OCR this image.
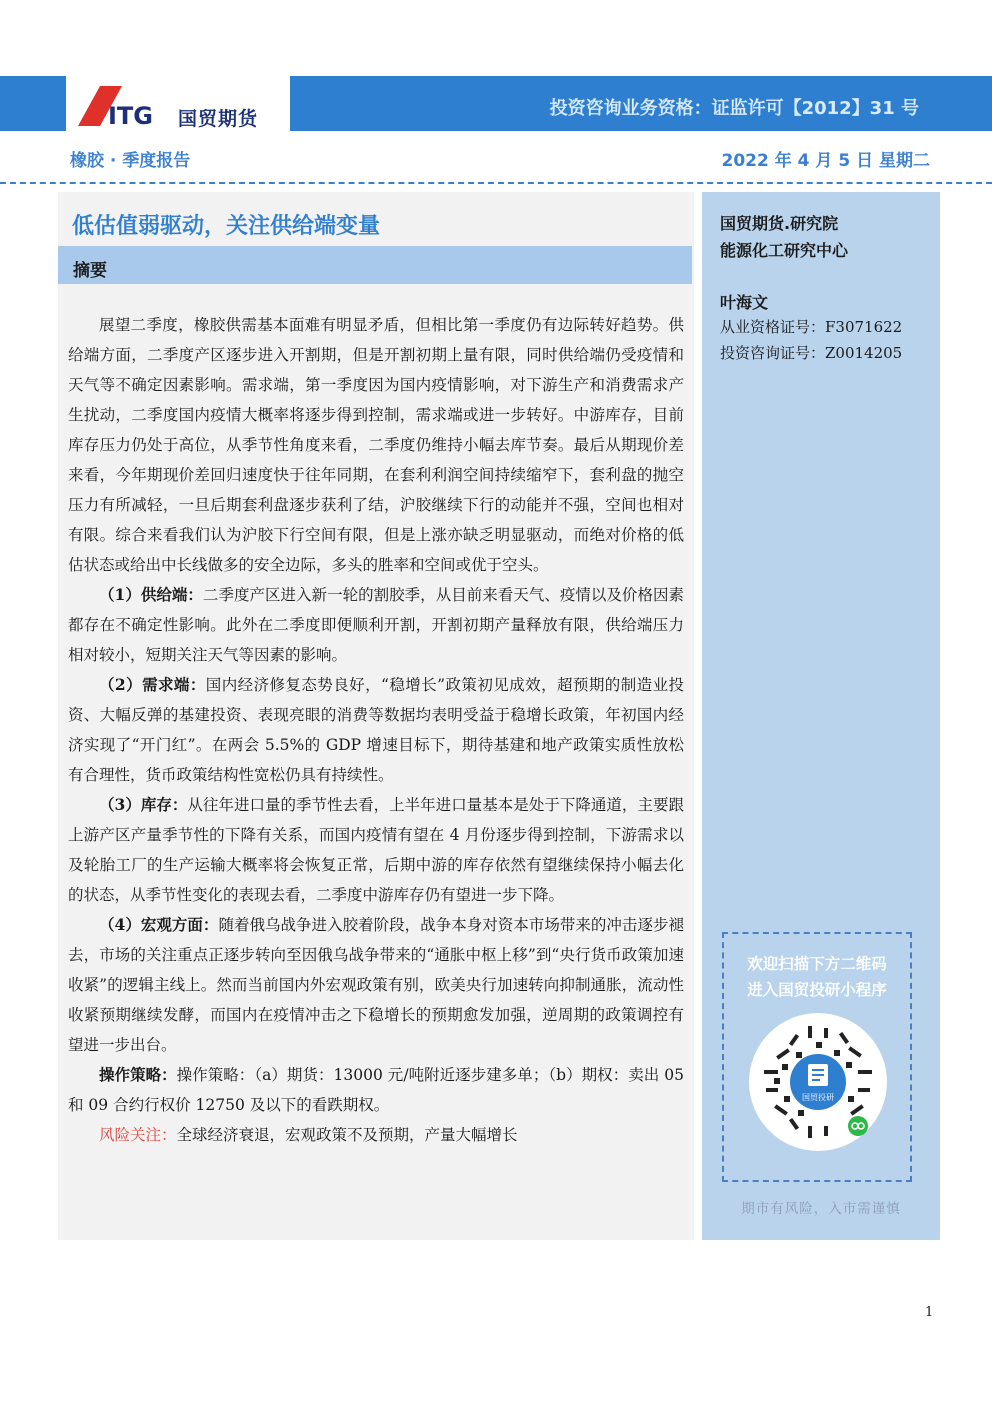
ITG 国贸期货	投资咨询业务资格：证监许可【2012】31 号
橡胶 · 季度报告	2022 年 4 月 5 日 星期二
低估值弱驱动，关注供给端变量
摘要

展望二季度，橡胶供需基本面难有明显矛盾，但相比第一季度仍有边际转好趋势。供给端方面，二季度产区逐步进入开割期，但是开割初期上量有限，同时供给端仍受疫情和天气等不确定因素影响。需求端，第一季度因为国内疫情影响，对下游生产和消费需求产生扰动，二季度国内疫情大概率将逐步得到控制，需求端或进一步转好。中游库存，目前库存压力仍处于高位，从季节性角度来看，二季度仍维持小幅去库节奏。最后从期现价差来看，今年期现价差回归速度快于往年同期，在套利利润空间持续缩窄下，套利盘的抛空压力有所减轻，一旦后期套利盘逐步获利了结，沪胶继续下行的动能并不强，空间也相对有限。综合来看我们认为沪胶下行空间有限，但是上涨亦缺乏明显驱动，而绝对价格的低估状态或给出中长线做多的安全边际，多头的胜率和空间或优于空头。

（1）供给端：二季度产区进入新一轮的割胶季，从目前来看天气、疫情以及价格因素都存在不确定性影响。此外在二季度即便顺利开割，开割初期产量释放有限，供给端压力相对较小，短期关注天气等因素的影响。

（2）需求端：国内经济修复态势良好，“稳增长”政策初见成效，超预期的制造业投资、大幅反弹的基建投资、表现亮眼的消费等数据均表明受益于稳增长政策，年初国内经济实现了“开门红”。在两会 5.5%的 GDP 增速目标下，期待基建和地产政策实质性放松有合理性，货币政策结构性宽松仍具有持续性。

（3）库存：从往年进口量的季节性去看，上半年进口量基本是处于下降通道，主要跟上游产区产量季节性的下降有关系，而国内疫情有望在 4 月份逐步得到控制，下游需求以及轮胎工厂的生产运输大概率将会恢复正常，后期中游的库存依然有望继续保持小幅去化的状态，从季节性变化的表现去看，二季度中游库存仍有望进一步下降。

（4）宏观方面：随着俄乌战争进入胶着阶段，战争本身对资本市场带来的冲击逐步褪去，市场的关注重点正逐步转向至因俄乌战争带来的“通胀中枢上移”到“央行货币政策加速收紧”的逻辑主线上。然而当前国内外宏观政策有别，欧美央行加速转向抑制通胀，流动性收紧预期继续发酵，而国内在疫情冲击之下稳增长的预期愈发加强，逆周期的政策调控有望进一步出台。

操作策略：操作策略：（a）期货：13000 元/吨附近逐步建多单；（b）期权：卖出 05 和 09 合约行权价 12750 及以下的看跌期权。

风险关注：全球经济衰退，宏观政策不及预期，产量大幅增长

国贸期货.研究院
能源化工研究中心
叶海文
从业资格证号：F3071622
投资咨询证号：Z0014205
欢迎扫描下方二维码
进入国贸投研小程序
国贸投研
期市有风险，入市需谨慎
1
